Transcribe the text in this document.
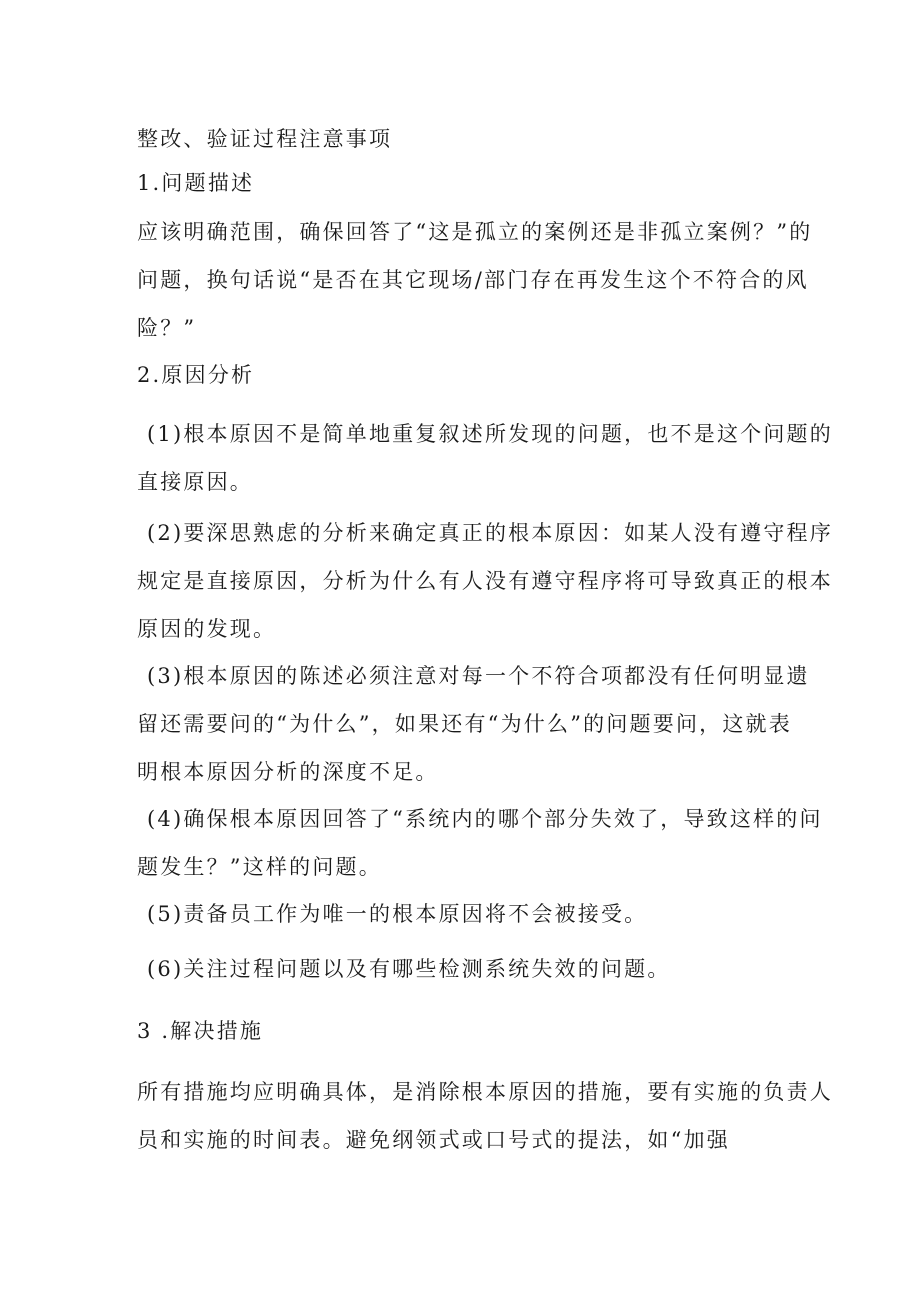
整改、验证过程注意事项

1.问题描述

应该明确范围，确保回答了“这是孤立的案例还是非孤立案例？”的
问题，换句话说“是否在其它现场/部门存在再发生这个不符合的风
险？”

2.原因分析

(1)根本原因不是简单地重复叙述所发现的问题，也不是这个问题的
直接原因。

(2)要深思熟虑的分析来确定真正的根本原因：如某人没有遵守程序
规定是直接原因，分析为什么有人没有遵守程序将可导致真正的根本
原因的发现。

(3)根本原因的陈述必须注意对每一个不符合项都没有任何明显遗
留还需要问的“为什么”，如果还有“为什么”的问题要问，这就表
明根本原因分析的深度不足。

(4)确保根本原因回答了“系统内的哪个部分失效了，导致这样的问
题发生？”这样的问题。

(5)责备员工作为唯一的根本原因将不会被接受。

(6)关注过程问题以及有哪些检测系统失效的问题。

3 .解决措施

所有措施均应明确具体，是消除根本原因的措施，要有实施的负责人
员和实施的时间表。避免纲领式或口号式的提法，如“加强
